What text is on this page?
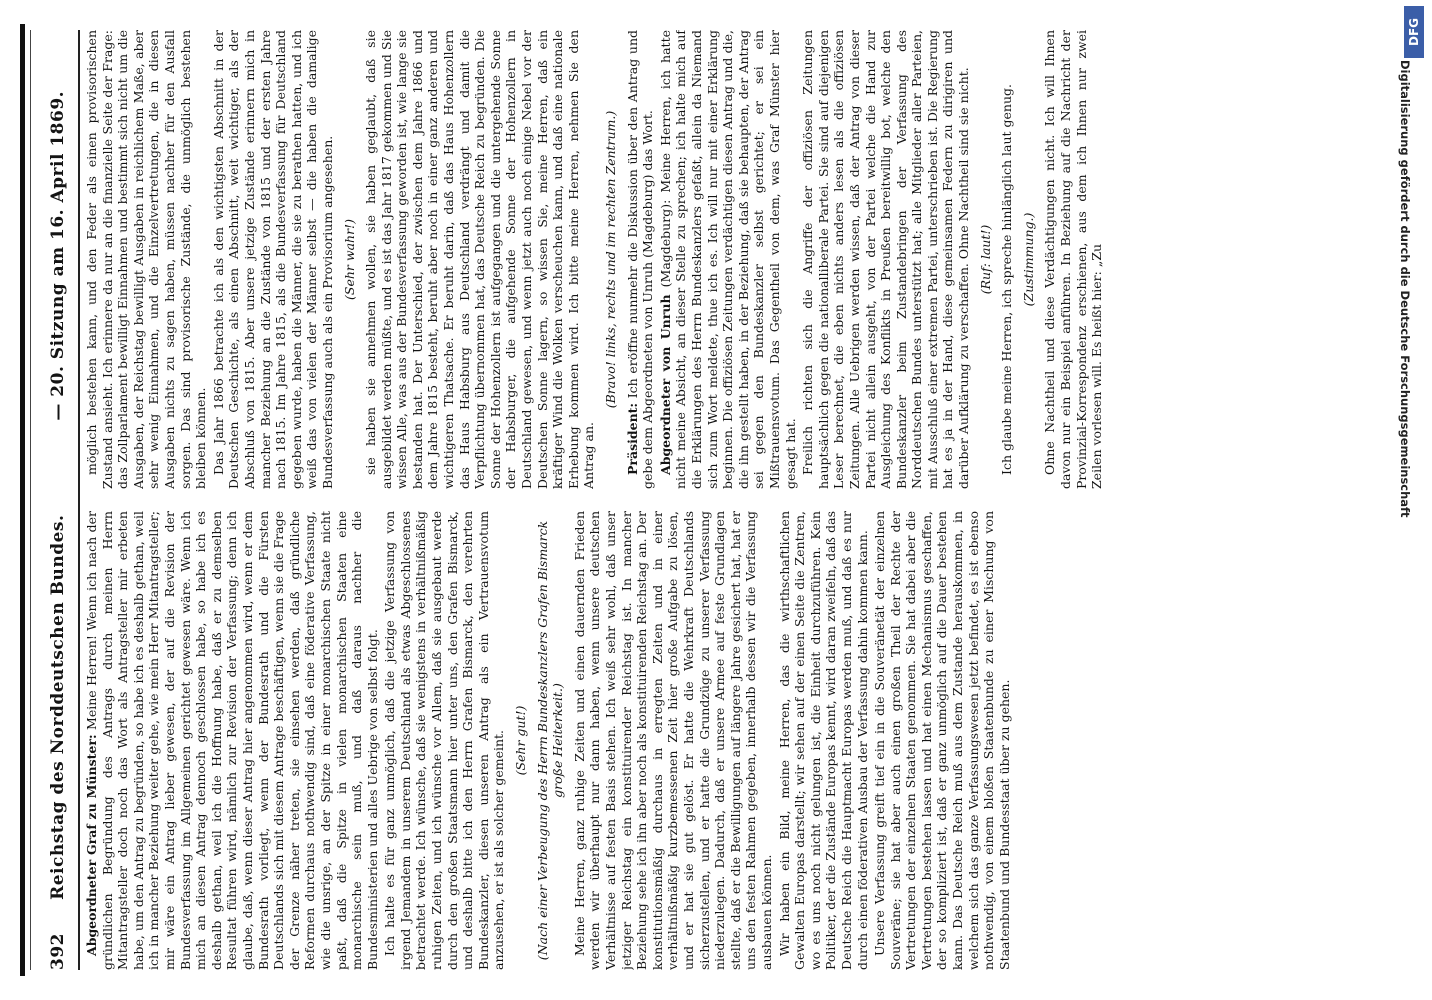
392
Reichstag des Norddeutschen Bundes.
— 20. Sitzung am 16. April 1869.

Abgeordneter Graf zu Münster: Meine Herren! Wenn ich nach der gründlichen Begründung des Antrags durch meinen Herrn Mitantragsteller doch noch das Wort als Antragsteller mir erbeten habe, um den Antrag zu begründen, so habe ich es deshalb gethan, weil ich in mancher Beziehung weiter gehe, wie mein Herr Mitantragsteller; mir wäre ein Antrag lieber gewesen, der auf die Revision der Bundesverfassung im Allgemeinen gerichtet gewesen wäre. Wenn ich mich an diesen Antrag dennoch geschlossen habe, so habe ich es deshalb gethan, weil ich die Hoffnung habe, daß er zu demselben Resultat führen wird, nämlich zur Revision der Verfassung; denn ich glaube, daß, wenn dieser Antrag hier angenommen wird, wenn er dem Bundesrath vorliegt, wenn der Bundesrath und die Fürsten Deutschlands sich mit diesem Antrage beschäftigen, wenn sie die Frage der Grenze näher treten, sie einsehen werden, daß gründliche Reformen durchaus nothwendig sind, daß eine föderative Verfassung, wie die unsrige, an der Spitze in einer monarchischen Staate nicht paßt, daß die Spitze in vielen monarchischen Staaten eine monarchische sein muß, und daß daraus nachher die Bundesministerien und alles Uebrige von selbst folgt. Ich halte es für ganz unmöglich, daß die jetzige Verfassung von irgend Jemandem in unserem Deutschland als etwas Abgeschlossenes betrachtet werde. Ich wünsche, daß sie wenigstens in verhältnißmäßig ruhigen Zeiten, und ich wünsche vor Allem, daß sie ausgebaut werde durch den großen Staatsmann hier unter uns, den Grafen Bismarck, und deshalb bitte ich den Herrn Grafen Bismarck, den verehrten Bundeskanzler, diesen unseren Antrag als ein Vertrauensvotum anzusehen, er ist als solcher gemeint. (Sehr gut!) (Nach einer Verbeugung des Herrn Bundeskanzlers Grafen Bismarck große Heiterkeit.) Meine Herren, ganz ruhige Zeiten und einen dauernden Frieden werden wir überhaupt nur dann haben, wenn unsere deutschen Verhältnisse auf festen Basis stehen. Ich weiß sehr wohl, daß unser jetziger Reichstag ein konstituirender Reichstag ist. In mancher Beziehung sehe ich ihn aber noch als konstituirenden Reichstag an. Der konstitutionsmäßig durchaus in erregten Zeiten und in einer verhältnißmäßig kurzbemessenen Zeit hier große Aufgabe zu lösen, und er hat sie gut gelöst. Er hatte die Wehrkraft Deutschlands sicherzustellen, und er hatte die Grundzüge zu unserer Verfassung niederzulegen. Dadurch, daß er unsere Armee auf feste Grundlagen stellte, daß er die Bewilligungen auf längere Jahre gesichert hat, hat er uns den festen Rahmen gegeben, innerhalb dessen wir die Verfassung ausbauen können. Wir haben ein Bild, meine Herren, das die wirthschaftlichen Gewalten Europas darstellt; wir sehen auf der einen Seite die Zentren, wo es uns noch nicht gelungen ist, die Einheit durchzuführen. Kein Politiker, der die Zustände Europas kennt, wird daran zweifeln, daß das Deutsche Reich die Hauptmacht Europas werden muß, und daß es nur durch einen föderativen Ausbau der Verfassung dahin kommen kann. Unsere Verfassung greift tief ein in die Souveränetät der einzelnen Souveräne; sie hat aber auch einen großen Theil der Rechte der Vertretungen der einzelnen Staaten genommen. Sie hat dabei aber die Vertretungen bestehen lassen und hat einen Mechanismus geschaffen, der so kompliziert ist, daß er ganz unmöglich auf die Dauer bestehen kann. Das Deutsche Reich muß aus dem Zustande herauskommen, in welchem sich das ganze Verfassungswesen jetzt befindet, es ist ebenso nothwendig, von einem bloßen Staatenbunde zu einer Mischung von Staatenbund und Bundesstaat über zu gehen.

möglich bestehen kann, und den Feder als einen provisorischen Zustand ansieht. Ich erinnere da nur an die finanzielle Seite der Frage: das Zollparlament bewilligt Einnahmen und bestimmt sich nicht um die Ausgaben, der Reichstag bewilligt Ausgaben in reichlichem Maße, aber sehr wenig Einnahmen, und die Einzelvertretungen, die in diesen Ausgaben nichts zu sagen haben, müssen nachher für den Ausfall sorgen. Das sind provisorische Zustände, die unmöglich bestehen bleiben können. Das Jahr 1866 betrachte ich als den wichtigsten Abschnitt in der Deutschen Geschichte, als einen Abschnitt, weit wichtiger, als der Abschluß von 1815. Aber unsere jetzige Zustände erinnern mich in mancher Beziehung an die Zustände von 1815 und der ersten Jahre nach 1815. Im Jahre 1815, als die Bundesverfassung für Deutschland gegeben wurde, haben die Männer, die sie zu berathen hatten, und ich weiß das von vielen der Männer selbst — die haben die damalige Bundesverfassung auch als ein Provisorium angesehen. (Sehr wahr!) sie haben sie annehmen wollen, sie haben geglaubt, daß sie ausgebildet werden müßte, und es ist das Jahr 1817 gekommen und Sie wissen Alle, was aus der Bundesverfassung geworden ist, wie lange sie bestanden hat. Der Unterschied, der zwischen dem Jahre 1866 und dem Jahre 1815 besteht, beruht aber noch in einer ganz anderen und wichtigeren Thatsache. Er beruht darin, daß das Haus Hohenzollern das Haus Habsburg aus Deutschland verdrängt und damit die Verpflichtung übernommen hat, das Deutsche Reich zu begründen. Die Sonne der Hohenzollern ist aufgegangen und die untergehende Sonne der Habsburger, die aufgehende Sonne der Hohenzollern in Deutschland gewesen, und wenn jetzt auch noch einige Nebel vor der Deutschen Sonne lagern, so wissen Sie, meine Herren, daß ein kräftiger Wind die Wolken verscheuchen kann, und daß eine nationale Erhebung kommen wird. Ich bitte meine Herren, nehmen Sie den Antrag an.

(Bravo! links, rechts und im rechten Zentrum.)

Präsident: Ich eröffne nunmehr die Diskussion über den Antrag und gebe dem Abgeordneten von Unruh (Magdeburg) das Wort. Abgeordneter von Unruh (Magdeburg): Meine Herren, ich hatte nicht meine Absicht, an dieser Stelle zu sprechen; ich halte mich auf die Erklärungen des Herrn Bundeskanzlers gefaßt, allein da Niemand sich zum Wort meldete, thue ich es. Ich will nur mit einer Erklärung beginnen. Die offiziösen Zeitungen verdächtigen diesen Antrag und die, die ihn gestellt haben, in der Beziehung, daß sie behaupten, der Antrag sei gegen den Bundeskanzler selbst gerichtet; er sei ein Mißtrauensvotum. Das Gegentheil von dem, was Graf Münster hier gesagt hat. Freilich richten sich die Angriffe der offiziösen Zeitungen hauptsächlich gegen die nationalliberale Partei. Sie sind auf diejenigen Leser berechnet, die eben nichts anders lesen als die offiziösen Zeitungen. Alle Uebrigen werden wissen, daß der Antrag von dieser Partei nicht allein ausgeht, von der Partei welche die Hand zur Ausgleichung des Konflikts in Preußen bereitwillig bot, welche den Bundeskanzler beim Zustandebringen der Verfassung des Norddeutschen Bundes unterstützt hat; alle Mitglieder aller Parteien, mit Ausschluß einer extremen Partei, unterschrieben ist. Die Regierung hat es ja in der Hand, diese gemeinsamen Federn zu dirigiren und darüber Aufklärung zu verschaffen. Ohne Nachtheil sind sie nicht. (Ruf: laut!) Ich glaube meine Herren, ich spreche hinlänglich laut genug. (Zustimmung.) Ohne Nachtheil und diese Verdächtigungen nicht. Ich will Ihnen davon nur ein Beispiel anführen. In Beziehung auf die Nachricht der Provinzial-Korrespondenz erschienen, aus dem ich Ihnen nur zwei Zeilen vorlesen will. Es heißt hier: „Zu

DFG
Digitalisierung gefördert durch die Deutsche Forschungsgemeinschaft
